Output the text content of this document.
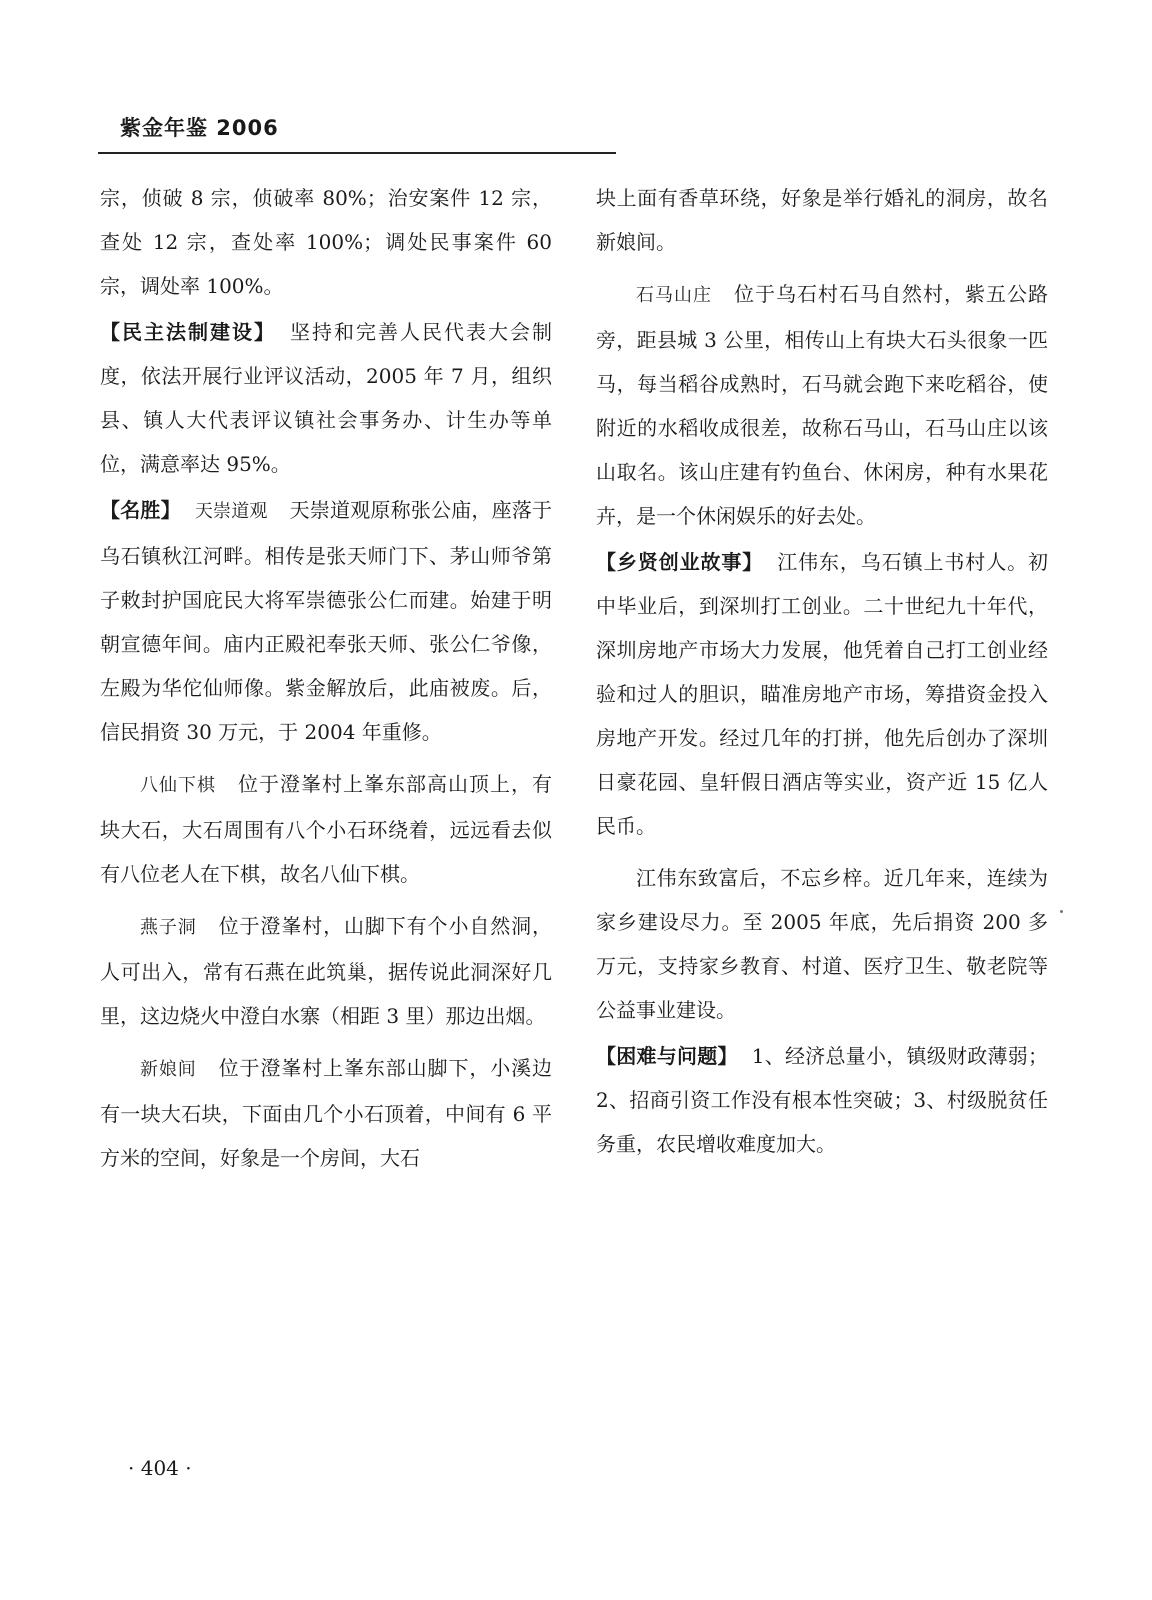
紫金年鉴 2006

宗，侦破 8 宗，侦破率 80%；治安案件 12 宗，查处 12 宗，查处率 100%；调处民事案件 60 宗，调处率 100%。

【民主法制建设】 坚持和完善人民代表大会制度，依法开展行业评议活动，2005 年 7 月，组织县、镇人大代表评议镇社会事务办、计生办等单位，满意率达 95%。

【名胜】 天崇道观 天崇道观原称张公庙，座落于乌石镇秋江河畔。相传是张天师门下、茅山师爷第子敕封护国庇民大将军崇德张公仁而建。始建于明朝宣德年间。庙内正殿祀奉张天师、张公仁爷像，左殿为华佗仙师像。紫金解放后，此庙被废。后，信民捐资 30 万元，于 2004 年重修。

八仙下棋 位于澄峯村上峯东部高山顶上，有块大石，大石周围有八个小石环绕着，远远看去似有八位老人在下棋，故名八仙下棋。

燕子洞 位于澄峯村，山脚下有个小自然洞，人可出入，常有石燕在此筑巢，据传说此洞深好几里，这边烧火中澄白水寨（相距 3 里）那边出烟。

新娘间 位于澄峯村上峯东部山脚下，小溪边有一块大石块，下面由几个小石顶着，中间有 6 平方米的空间，好象是一个房间，大石

块上面有香草环绕，好象是举行婚礼的洞房，故名新娘间。

石马山庄 位于乌石村石马自然村，紫五公路旁，距县城 3 公里，相传山上有块大石头很象一匹马，每当稻谷成熟时，石马就会跑下来吃稻谷，使附近的水稻收成很差，故称石马山，石马山庄以该山取名。该山庄建有钓鱼台、休闲房，种有水果花卉，是一个休闲娱乐的好去处。

【乡贤创业故事】 江伟东，乌石镇上书村人。初中毕业后，到深圳打工创业。二十世纪九十年代，深圳房地产市场大力发展，他凭着自己打工创业经验和过人的胆识，瞄准房地产市场，筹措资金投入房地产开发。经过几年的打拼，他先后创办了深圳日豪花园、皇轩假日酒店等实业，资产近 15 亿人民币。

江伟东致富后，不忘乡梓。近几年来，连续为家乡建设尽力。至 2005 年底，先后捐资 200 多万元，支持家乡教育、村道、医疗卫生、敬老院等公益事业建设。

【困难与问题】 1、经济总量小，镇级财政薄弱；2、招商引资工作没有根本性突破；3、村级脱贫任务重，农民增收难度加大。

· 404 ·
